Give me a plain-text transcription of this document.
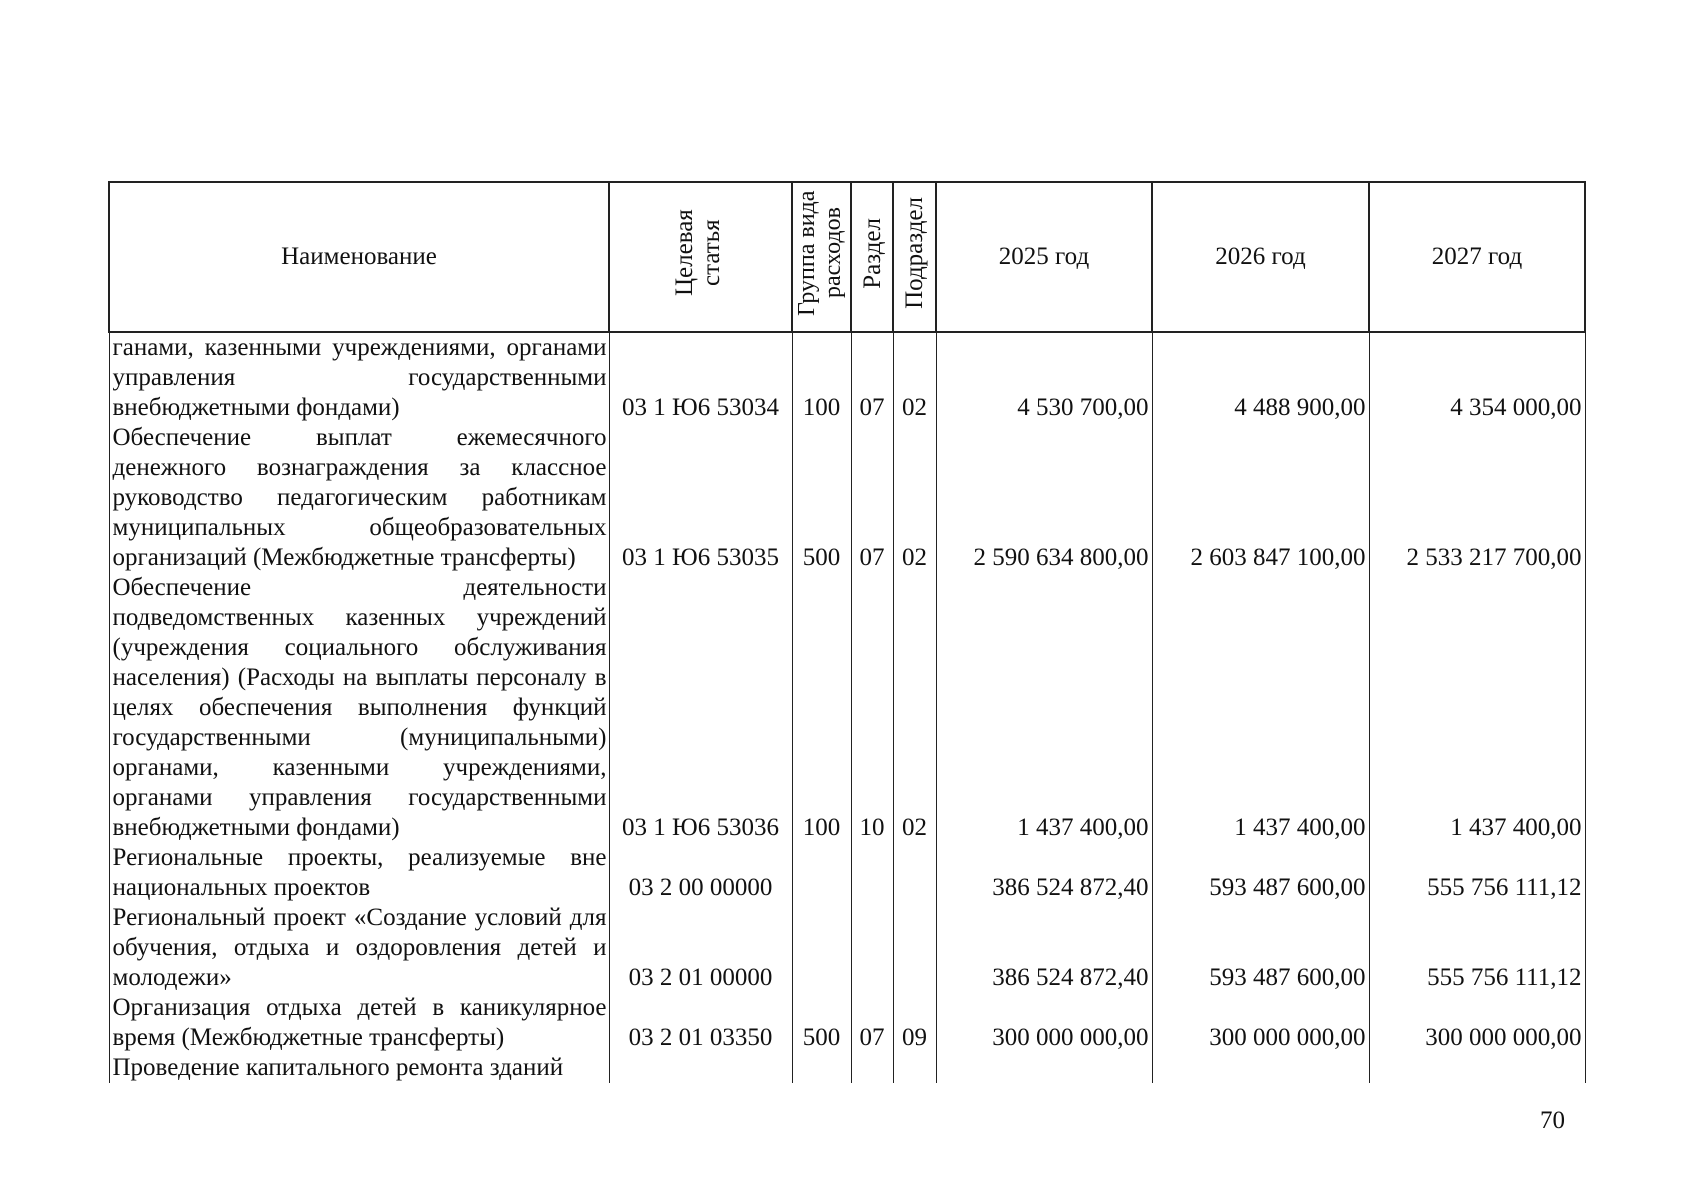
Наименование	Целевая статья	Группа вида расходов	Раздел	Подраздел	2025 год	2026 год	2027 год
ганами, казенными учреждениями, органами управления государственными внебюджетными фондами)	03 1 Ю6 53034	100	07	02	4 530 700,00	4 488 900,00	4 354 000,00
Обеспечение выплат ежемесячного денежного вознаграждения за классное руководство педагогическим работникам муниципальных общеобразовательных организаций (Межбюджетные трансферты)	03 1 Ю6 53035	500	07	02	2 590 634 800,00	2 603 847 100,00	2 533 217 700,00
Обеспечение деятельности подведомственных казенных учреждений (учреждения социального обслуживания населения) (Расходы на выплаты персоналу в целях обеспечения выполнения функций государственными (муниципальными) органами, казенными учреждениями, органами управления государственными внебюджетными фондами)	03 1 Ю6 53036	100	10	02	1 437 400,00	1 437 400,00	1 437 400,00
Региональные проекты, реализуемые вне национальных проектов	03 2 00 00000				386 524 872,40	593 487 600,00	555 756 111,12
Региональный проект «Создание условий для обучения, отдыха и оздоровления детей и молодежи»	03 2 01 00000				386 524 872,40	593 487 600,00	555 756 111,12
Организация отдыха детей в каникулярное время (Межбюджетные трансферты)	03 2 01 03350	500	07	09	300 000 000,00	300 000 000,00	300 000 000,00
Проведение капитального ремонта зданий							
70
